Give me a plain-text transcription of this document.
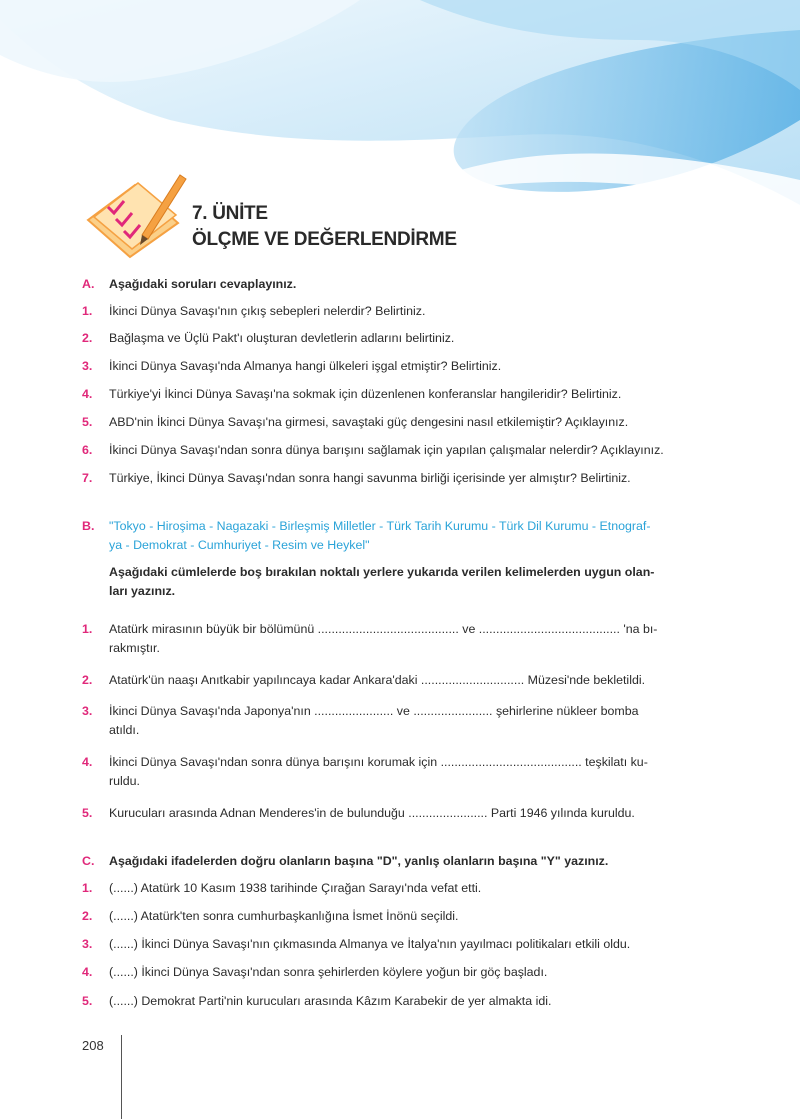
7. ÜNİTE
ÖLÇME VE DEĞERLENDİRME
A.	Aşağıdaki soruları cevaplayınız.
1.	İkinci Dünya Savaşı'nın çıkış sebepleri nelerdir? Belirtiniz.
2.	Bağlaşma ve Üçlü Pakt'ı oluşturan devletlerin adlarını belirtiniz.
3.	İkinci Dünya Savaşı'nda Almanya hangi ülkeleri işgal etmiştir? Belirtiniz.
4.	Türkiye'yi İkinci Dünya Savaşı'na sokmak için düzenlenen konferanslar hangileridir? Belirtiniz.
5.	ABD'nin İkinci Dünya Savaşı'na girmesi, savaştaki güç dengesini nasıl etkilemiştir? Açıklayınız.
6.	İkinci Dünya Savaşı'ndan sonra dünya barışını sağlamak için yapılan çalışmalar nelerdir? Açıklayınız.
7.	Türkiye, İkinci Dünya Savaşı'ndan sonra hangi savunma birliği içerisinde yer almıştır? Belirtiniz.
B.	"Tokyo - Hiroşima - Nagazaki - Birleşmiş Milletler - Türk Tarih Kurumu - Türk Dil Kurumu - Etnograf-
ya - Demokrat - Cumhuriyet - Resim ve Heykel"
Aşağıdaki cümlelerde boş bırakılan noktalı yerlere yukarıda verilen kelimelerden uygun olan-
ları yazınız.
1.	Atatürk mirasının büyük bir bölümünü ......................................... ve ......................................... 'na bı-
rakmıştır.
2.	Atatürk'ün naaşı Anıtkabir yapılıncaya kadar Ankara'daki .............................. Müzesi'nde bekletildi.
3.	İkinci Dünya Savaşı'nda Japonya'nın ....................... ve ....................... şehirlerine nükleer bomba
atıldı.
4.	İkinci Dünya Savaşı'ndan sonra dünya barışını korumak için ......................................... teşkilatı ku-
ruldu.
5.	Kurucuları arasında Adnan Menderes'in de bulunduğu ....................... Parti 1946 yılında kuruldu.
C.	Aşağıdaki ifadelerden doğru olanların başına "D", yanlış olanların başına "Y" yazınız.
1.	(......) Atatürk 10 Kasım 1938 tarihinde Çırağan Sarayı'nda vefat etti.
2.	(......) Atatürk'ten sonra cumhurbaşkanlığına İsmet İnönü seçildi.
3.	(......) İkinci Dünya Savaşı'nın çıkmasında Almanya ve İtalya'nın yayılmacı politikaları etkili oldu.
4.	(......) İkinci Dünya Savaşı'ndan sonra şehirlerden köylere yoğun bir göç başladı.
5.	(......) Demokrat Parti'nin kurucuları arasında Kâzım Karabekir de yer almakta idi.
208
